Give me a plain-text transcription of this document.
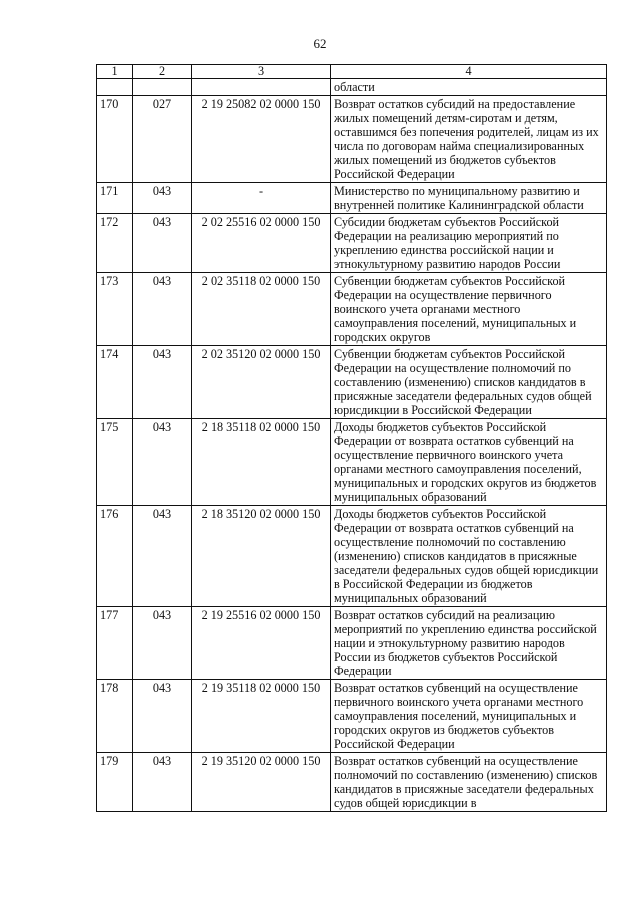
62
1	2	3	4
			области
170	027	2 19 25082 02 0000 150	Возврат остатков субсидий на предоставление жилых помещений детям-сиротам и детям, оставшимся без попечения родителей, лицам из их числа по договорам найма специализированных жилых помещений из бюджетов субъектов Российской Федерации
171	043	-	Министерство по муниципальному развитию и внутренней политике Калининградской области
172	043	2 02 25516 02 0000 150	Субсидии бюджетам субъектов Российской Федерации на реализацию мероприятий по укреплению единства российской нации и этнокультурному развитию народов России
173	043	2 02 35118 02 0000 150	Субвенции бюджетам субъектов Российской Федерации на осуществление первичного воинского учета органами местного самоуправления поселений, муниципальных и городских округов
174	043	2 02 35120 02 0000 150	Субвенции бюджетам субъектов Российской Федерации на осуществление полномочий по составлению (изменению) списков кандидатов в присяжные заседатели федеральных судов общей юрисдикции в Российской Федерации
175	043	2 18 35118 02 0000 150	Доходы бюджетов субъектов Российской Федерации от возврата остатков субвенций на осуществление первичного воинского учета органами местного самоуправления поселений, муниципальных и городских округов из бюджетов муниципальных образований
176	043	2 18 35120 02 0000 150	Доходы бюджетов субъектов Российской Федерации от возврата остатков субвенций на осуществление полномочий по составлению (изменению) списков кандидатов в присяжные заседатели федеральных судов общей юрисдикции в Российской Федерации из бюджетов муниципальных образований
177	043	2 19 25516 02 0000 150	Возврат остатков субсидий на реализацию мероприятий по укреплению единства российской нации и этнокультурному развитию народов России из бюджетов субъектов Российской Федерации
178	043	2 19 35118 02 0000 150	Возврат остатков субвенций на осуществление первичного воинского учета органами местного самоуправления поселений, муниципальных и городских округов из бюджетов субъектов Российской Федерации
179	043	2 19 35120 02 0000 150	Возврат остатков субвенций на осуществление полномочий по составлению (изменению) списков кандидатов в присяжные заседатели федеральных судов общей юрисдикции в
